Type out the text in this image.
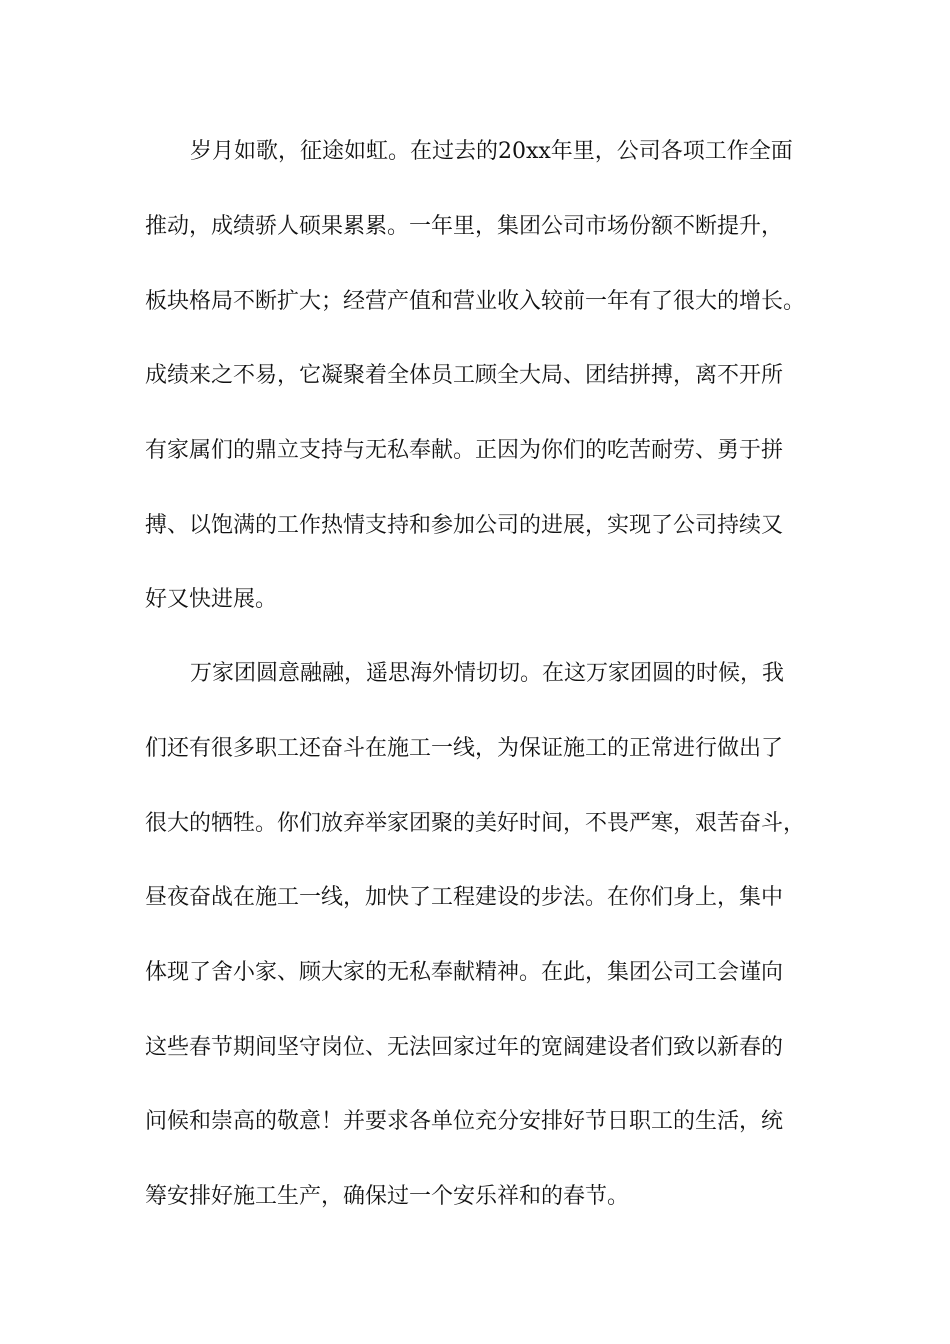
岁月如歌，征途如虹。在过去的20xx年里，公司各项工作全面
推动，成绩骄人硕果累累。一年里，集团公司市场份额不断提升，
板块格局不断扩大；经营产值和营业收入较前一年有了很大的增长。
成绩来之不易，它凝聚着全体员工顾全大局、团结拼搏，离不开所
有家属们的鼎立支持与无私奉献。正因为你们的吃苦耐劳、勇于拼
搏、以饱满的工作热情支持和参加公司的进展，实现了公司持续又
好又快进展。
万家团圆意融融，遥思海外情切切。在这万家团圆的时候，我
们还有很多职工还奋斗在施工一线，为保证施工的正常进行做出了
很大的牺牲。你们放弃举家团聚的美好时间，不畏严寒，艰苦奋斗，
昼夜奋战在施工一线，加快了工程建设的步法。在你们身上，集中
体现了舍小家、顾大家的无私奉献精神。在此，集团公司工会谨向
这些春节期间坚守岗位、无法回家过年的宽阔建设者们致以新春的
问候和崇高的敬意！并要求各单位充分安排好节日职工的生活，统
筹安排好施工生产，确保过一个安乐祥和的春节。
